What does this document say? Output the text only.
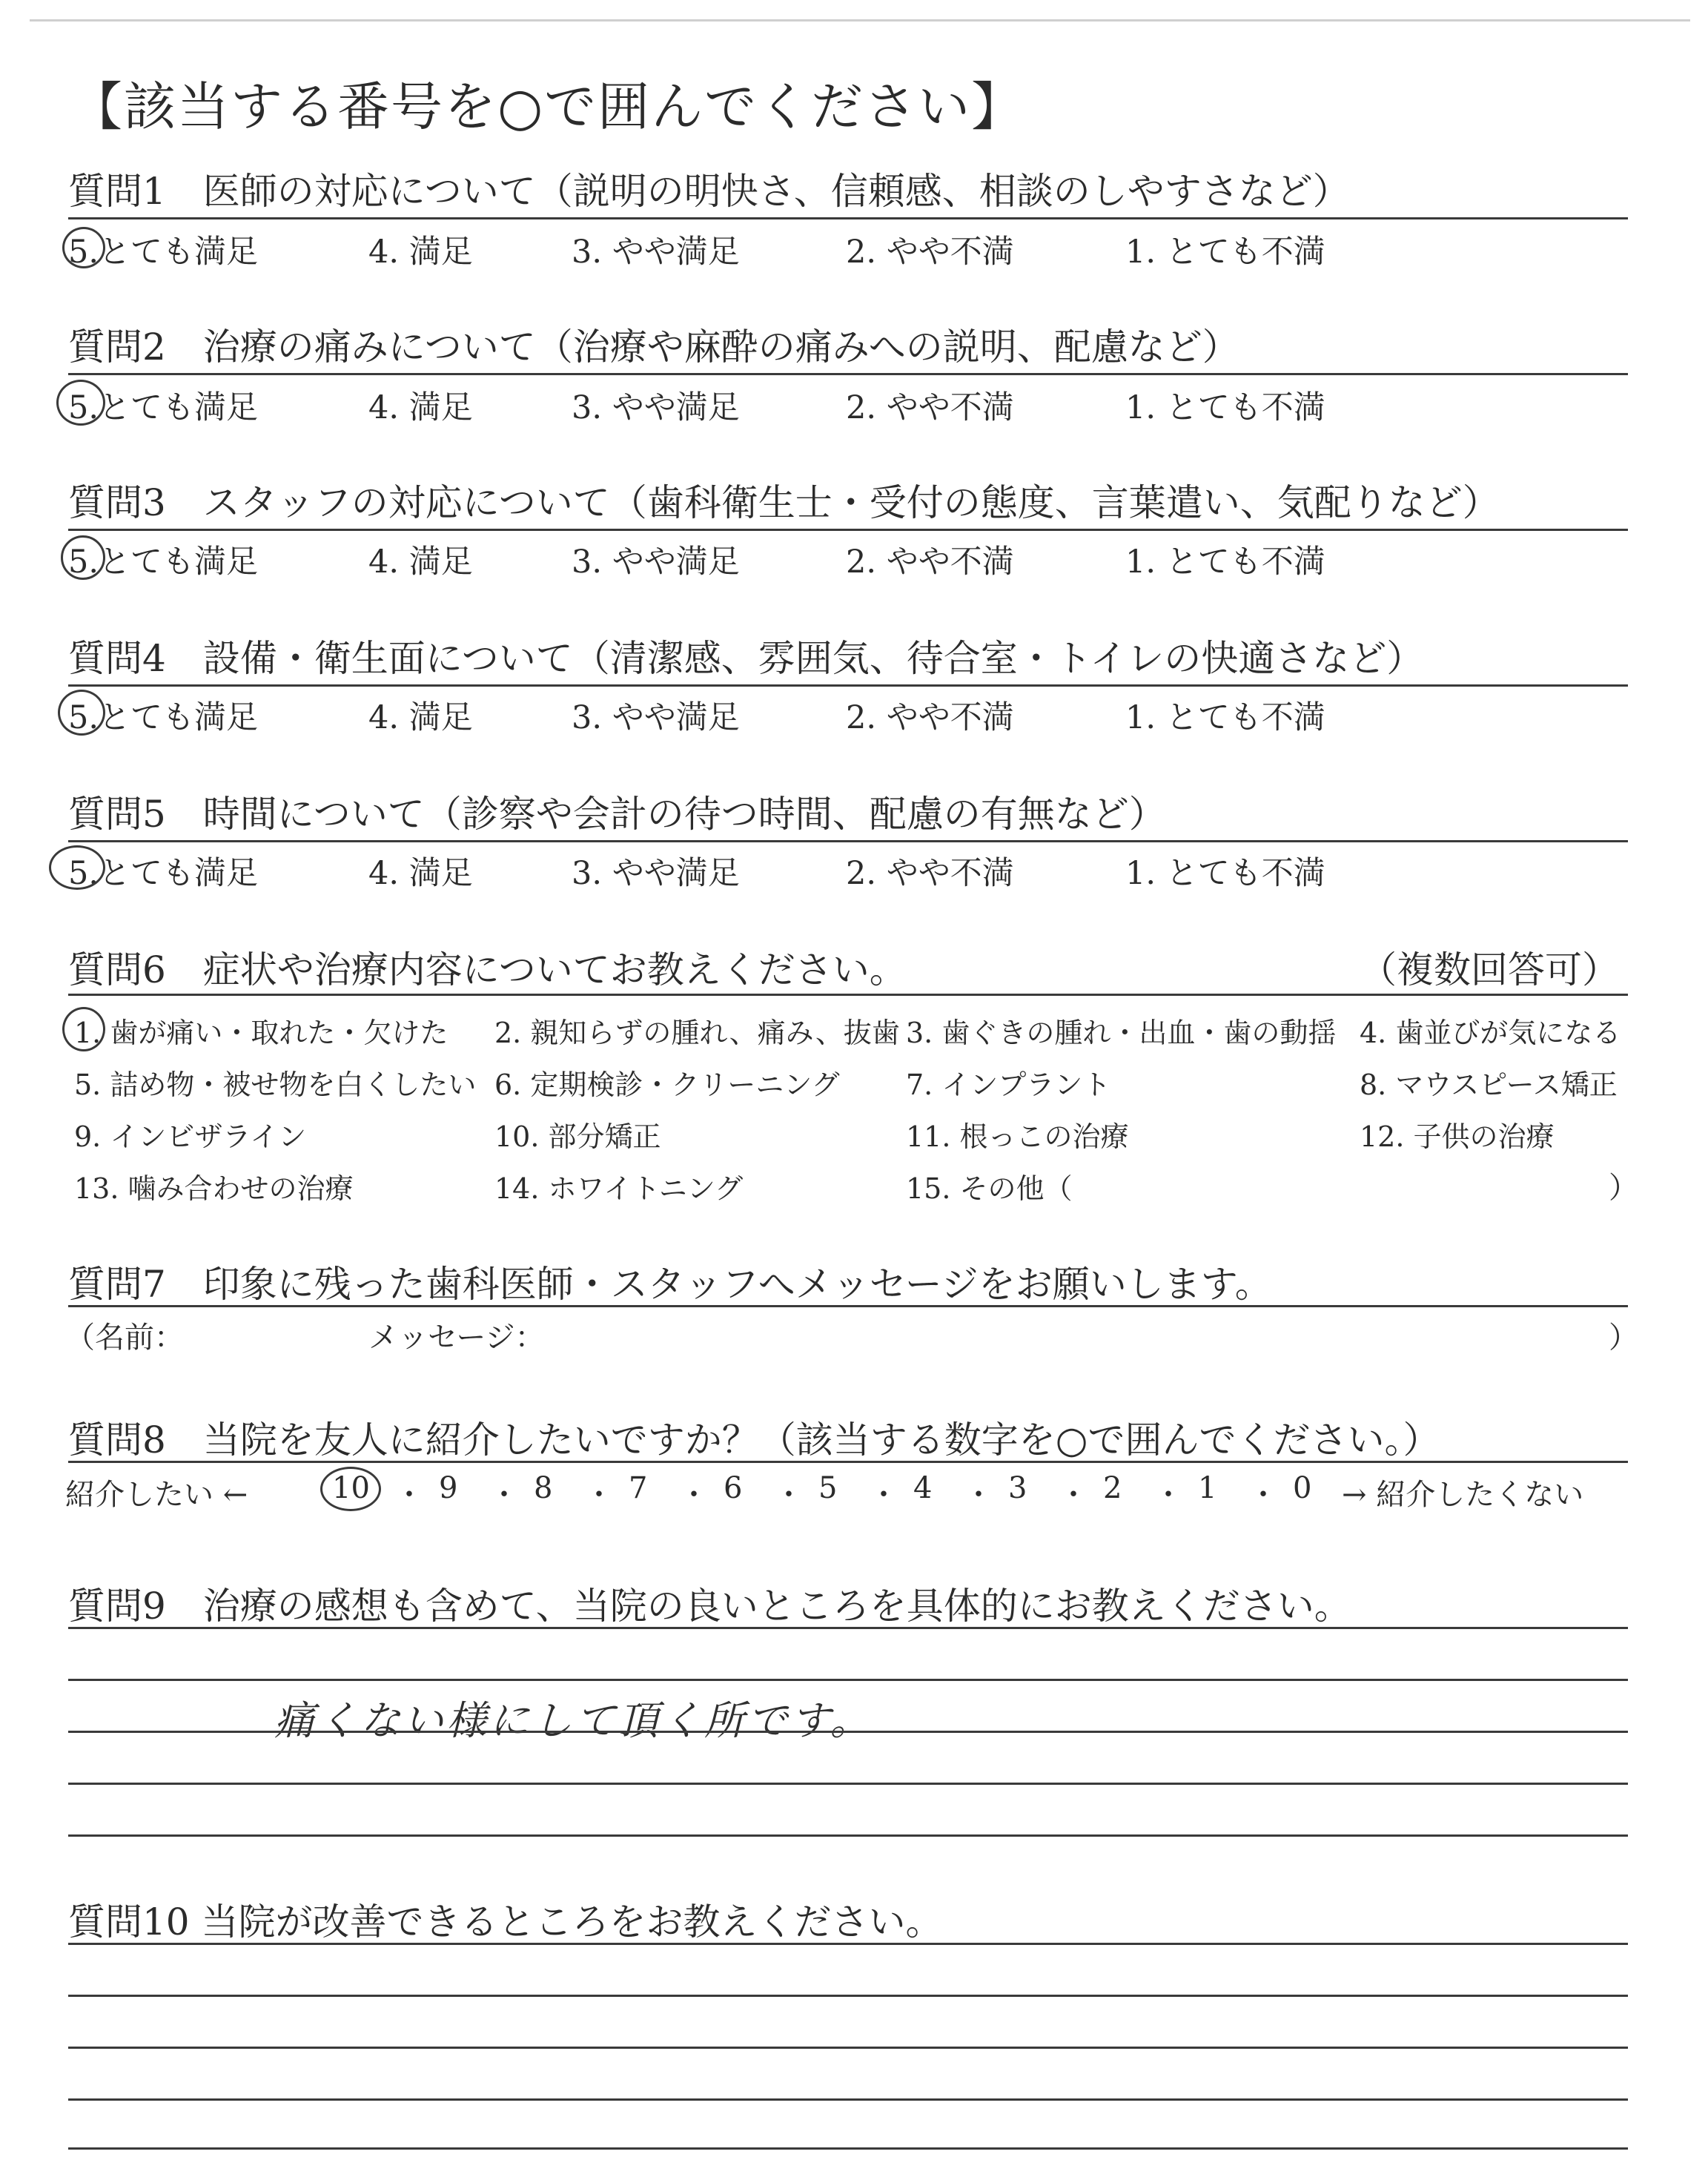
【該当する番号を○で囲んでください】
質問1　医師の対応について（説明の明快さ、信頼感、相談のしやすさなど）
5.とても満足	4. 満足	3. やや満足	2. やや不満	1. とても不満
質問2　治療の痛みについて（治療や麻酔の痛みへの説明、配慮など）
5.とても満足	4. 満足	3. やや満足	2. やや不満	1. とても不満
質問3　スタッフの対応について（歯科衛生士・受付の態度、言葉遣い、気配りなど）
5.とても満足	4. 満足	3. やや満足	2. やや不満	1. とても不満
質問4　設備・衛生面について（清潔感、雰囲気、待合室・トイレの快適さなど）
5.とても満足	4. 満足	3. やや満足	2. やや不満	1. とても不満
質問5　時間について（診察や会計の待つ時間、配慮の有無など）
5.とても満足	4. 満足	3. やや満足	2. やや不満	1. とても不満
質問6　症状や治療内容についてお教えください。	（複数回答可）
1. 歯が痛い・取れた・欠けた 2. 親知らずの腫れ、痛み、抜歯 3. 歯ぐきの腫れ・出血・歯の動揺 4. 歯並びが気になる
5. 詰め物・被せ物を白くしたい 6. 定期検診・クリーニング 7. インプラント	8. マウスピース矯正
9. インビザライン	10. 部分矯正	11. 根っこの治療	12. 子供の治療
13. 噛み合わせの治療	14. ホワイトニング	15. その他（	）
質問7　印象に残った歯科医師・スタッフへメッセージをお願いします。
（名前：	メッセージ：	）
質問8　当院を友人に紹介したいですか？（該当する数字を○で囲んでください。）
紹介したい ←	10 ・ 9 ・ 8 ・ 7 ・ 6 ・ 5 ・ 4 ・ 3 ・ 2 ・ 1 ・ 0 → 紹介したくない
質問9　治療の感想も含めて、当院の良いところを具体的にお教えください。
痛くない様にして頂く所です。
質問10 当院が改善できるところをお教えください。
